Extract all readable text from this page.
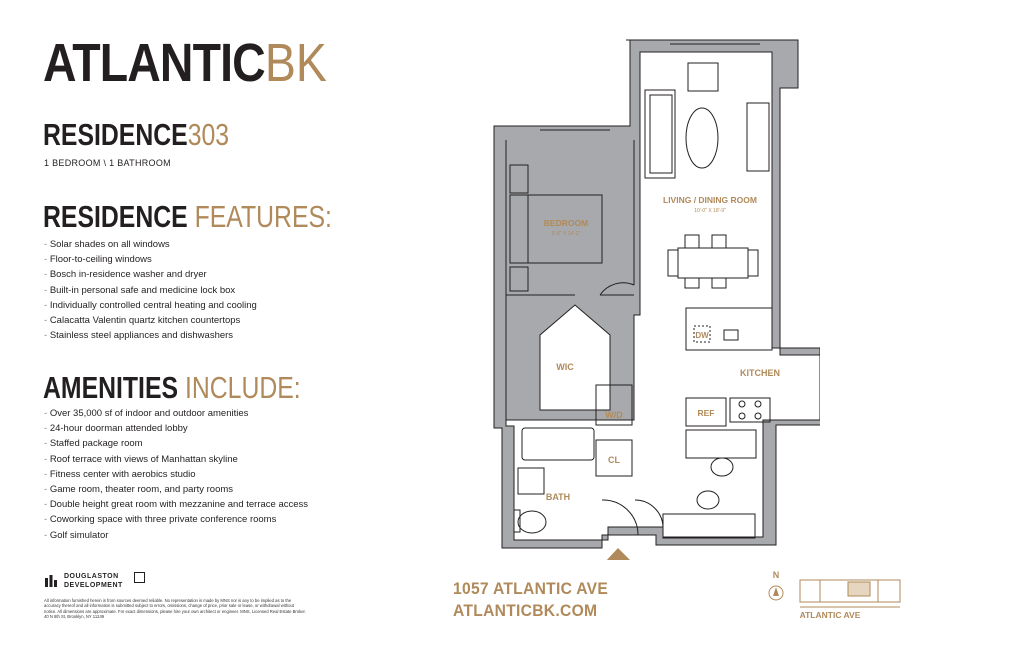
ATLANTICBK
RESIDENCE303
1 BEDROOM \ 1 BATHROOM
RESIDENCE FEATURES:
- Solar shades on all windows
- Floor-to-ceiling windows
- Bosch in-residence washer and dryer
- Built-in personal safe and medicine lock box
- Individually controlled central heating and cooling
- Calacatta Valentin quartz kitchen countertops
- Stainless steel appliances and dishwashers
AMENITIES INCLUDE:
- Over 35,000 sf of indoor and outdoor amenities
- 24-hour doorman attended lobby
- Staffed package room
- Roof terrace with views of Manhattan skyline
- Fitness center with aerobics studio
- Game room, theater room, and party rooms
- Double height great room with mezzanine and terrace access
- Coworking space with three private conference rooms
- Golf simulator
DOUGLASTON
DEVELOPMENT
All information furnished herein is from sources deemed reliable. No representation is made by MNS nor is any to be implied as to the accuracy thereof and all information is submitted subject to errors, omissions, change of price, prior sale or lease, or withdrawal without notice. All dimensions are approximate. For exact dimensions, please hire your own architect or engineer. MNS, Licensed Real Estate Broker. 40 N 6th St, Brooklyn, NY 11249
1057 ATLANTIC AVE
ATLANTICBK.COM
BEDROOM
9'-6" X 14'-2"
LIVING / DINING ROOM
10'-0" X 18'-9"
KITCHEN
WIC
W/D
CL
BATH
REF
DW
N
ATLANTIC AVE
